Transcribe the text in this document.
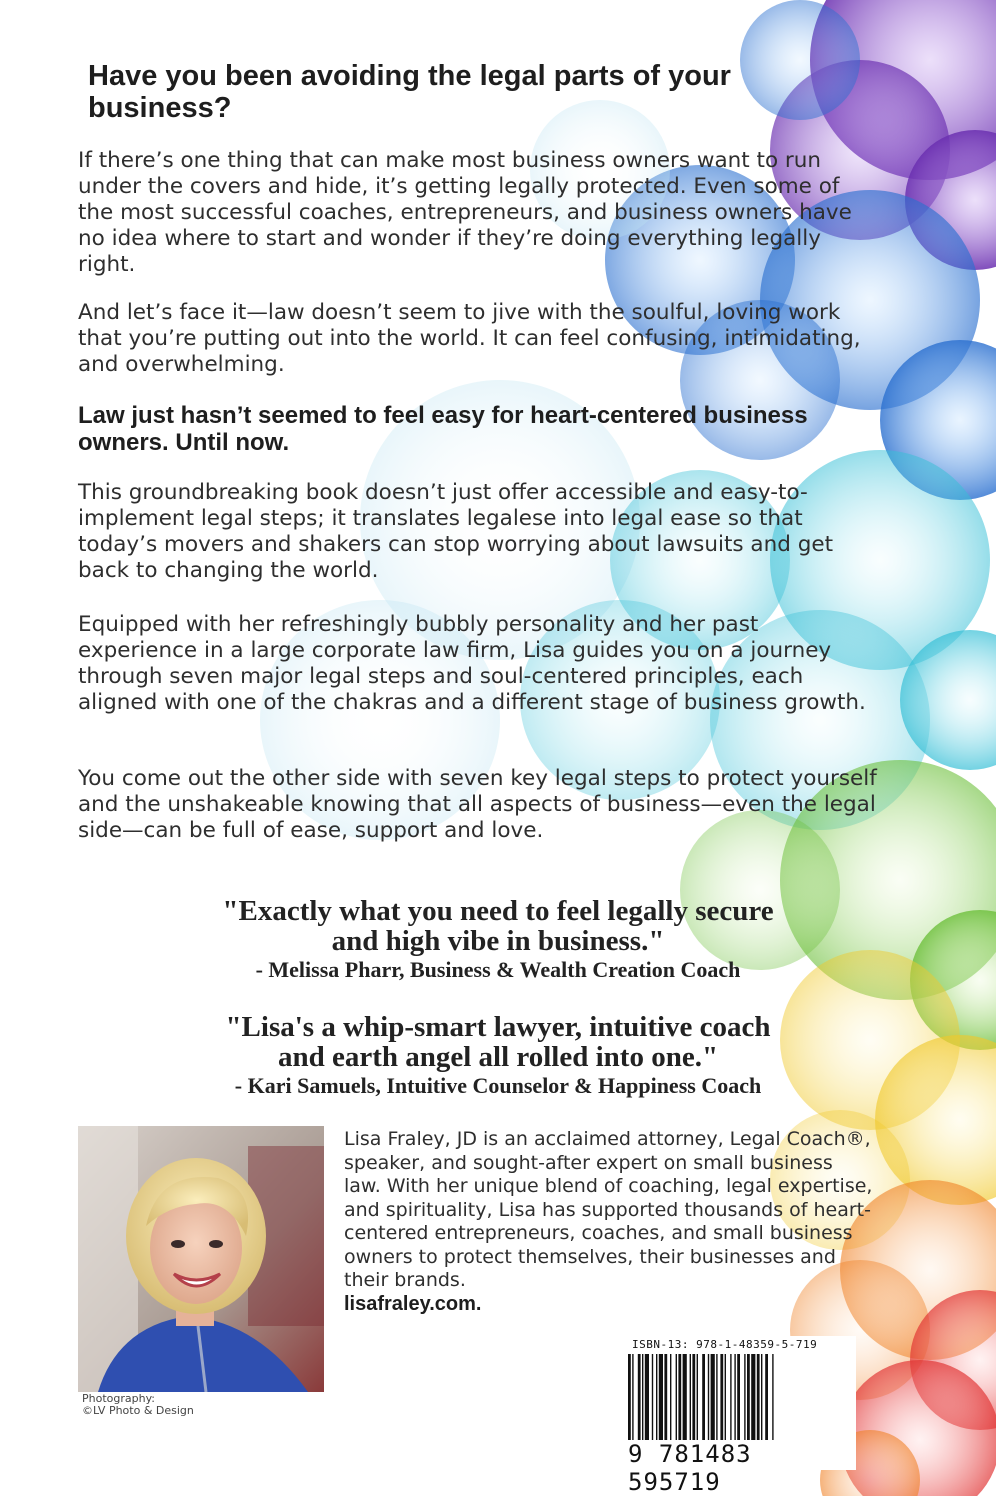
Have you been avoiding the legal parts of your business?

If there’s one thing that can make most business owners want to run under the covers and hide, it’s getting legally protected. Even some of the most successful coaches, entrepreneurs, and business owners have no idea where to start and wonder if they’re doing everything legally right.

And let’s face it—law doesn’t seem to jive with the soulful, loving work that you’re putting out into the world. It can feel confusing, intimidating, and overwhelming.

Law just hasn’t seemed to feel easy for heart-centered business owners. Until now.

This groundbreaking book doesn’t just offer accessible and easy-to-implement legal steps; it translates legalese into legal ease so that today’s movers and shakers can stop worrying about lawsuits and get back to changing the world.

Equipped with her refreshingly bubbly personality and her past experience in a large corporate law firm, Lisa guides you on a journey through seven major legal steps and soul-centered principles, each aligned with one of the chakras and a different stage of business growth.

You come out the other side with seven key legal steps to protect yourself and the unshakeable knowing that all aspects of business—even the legal side—can be full of ease, support and love.

"Exactly what you need to feel legally secure
and high vibe in business."
- Melissa Pharr, Business & Wealth Creation Coach
"Lisa's a whip-smart lawyer, intuitive coach
and earth angel all rolled into one."
- Kari Samuels, Intuitive Counselor & Happiness Coach
Photography:
©LV Photo & Design

Lisa Fraley, JD is an acclaimed attorney, Legal Coach®, speaker, and sought-after expert on small business law. With her unique blend of coaching, legal expertise, and spirituality, Lisa has supported thousands of heart-centered entrepreneurs, coaches, and small business owners to protect themselves, their businesses and their brands.
lisafraley.com.

ISBN-13: 978-1-48359-5-719
9 781483 595719
